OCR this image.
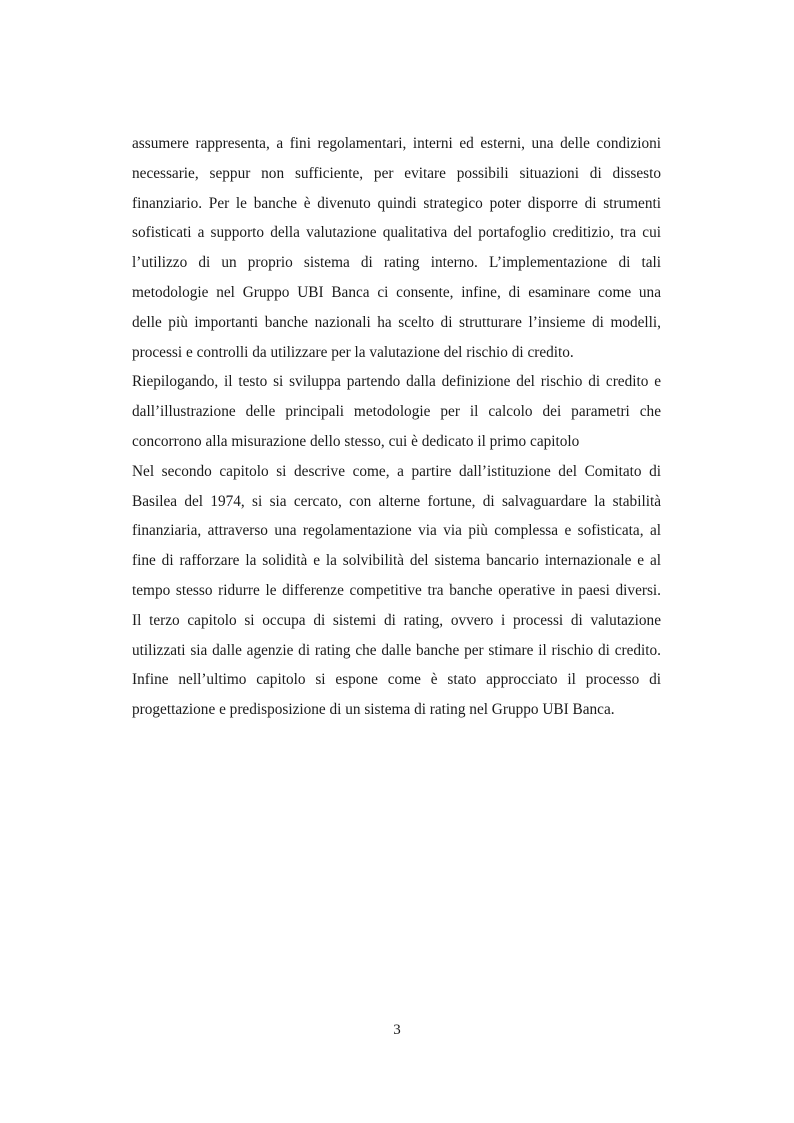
assumere rappresenta, a fini regolamentari, interni ed esterni, una delle condizioni
necessarie, seppur non sufficiente, per evitare possibili situazioni di dissesto
finanziario. Per le banche è divenuto quindi strategico poter disporre di strumenti
sofisticati a supporto della valutazione qualitativa del portafoglio creditizio, tra cui
l’utilizzo di un proprio sistema di rating interno. L’implementazione di tali
metodologie nel Gruppo UBI Banca ci consente, infine, di esaminare come una
delle più importanti banche nazionali ha scelto di strutturare l’insieme di modelli,
processi e controlli da utilizzare per la valutazione del rischio di credito.
Riepilogando, il testo si sviluppa partendo dalla definizione del rischio di credito e
dall’illustrazione delle principali metodologie per il calcolo dei parametri che
concorrono alla misurazione dello stesso, cui è dedicato il primo capitolo
Nel secondo capitolo si descrive come, a partire dall’istituzione del Comitato di
Basilea del 1974, si sia cercato, con alterne fortune, di salvaguardare la stabilità
finanziaria, attraverso una regolamentazione via via più complessa e sofisticata, al
fine di rafforzare la solidità e la solvibilità del sistema bancario internazionale e al
tempo stesso ridurre le differenze competitive tra banche operative in paesi diversi.
Il terzo capitolo si occupa di sistemi di rating, ovvero i processi di valutazione
utilizzati sia dalle agenzie di rating che dalle banche per stimare il rischio di credito.
Infine nell’ultimo capitolo si espone come è stato approcciato il processo di
progettazione e predisposizione di un sistema di rating nel Gruppo UBI Banca.
3
